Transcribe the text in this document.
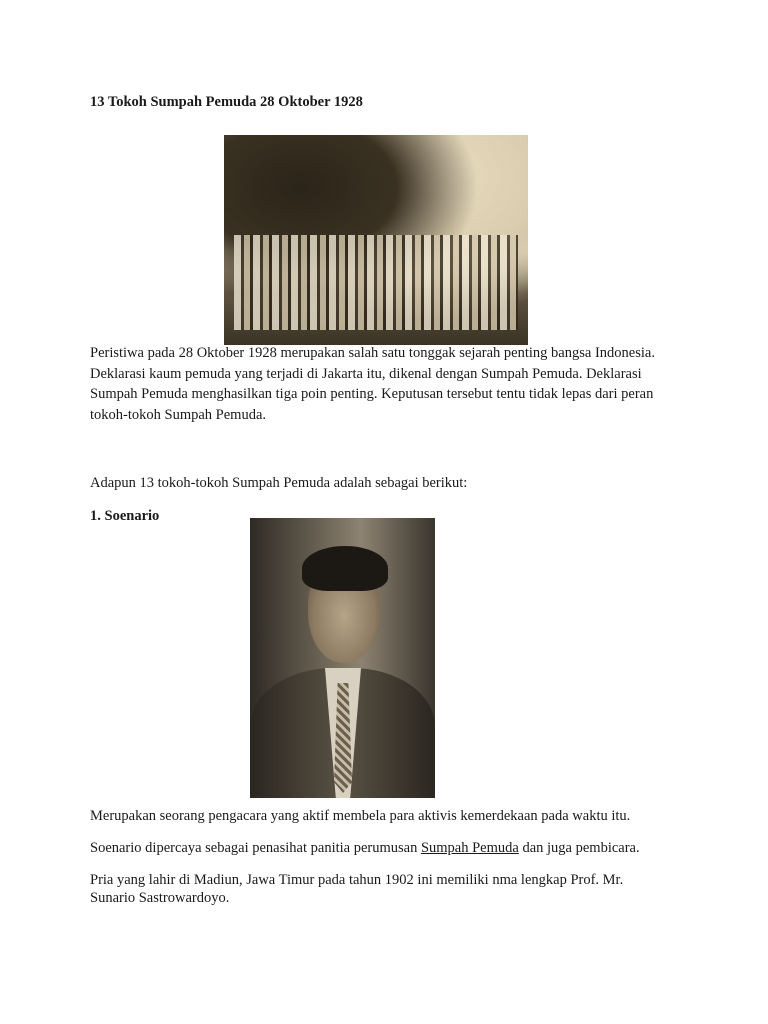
13 Tokoh Sumpah Pemuda 28 Oktober 1928
Peristiwa pada 28 Oktober 1928 merupakan salah satu tonggak sejarah penting bangsa Indonesia.
Deklarasi kaum pemuda yang terjadi di Jakarta itu, dikenal dengan Sumpah Pemuda. Deklarasi
Sumpah Pemuda menghasilkan tiga poin penting. Keputusan tersebut tentu tidak lepas dari peran
tokoh-tokoh Sumpah Pemuda.
Adapun 13 tokoh-tokoh Sumpah Pemuda adalah sebagai berikut:
1. Soenario
Merupakan seorang pengacara yang aktif membela para aktivis kemerdekaan pada waktu itu.
Soenario dipercaya sebagai penasihat panitia perumusan Sumpah Pemuda dan juga pembicara.
Pria yang lahir di Madiun, Jawa Timur pada tahun 1902 ini memiliki nma lengkap Prof. Mr.
Sunario Sastrowardoyo.
